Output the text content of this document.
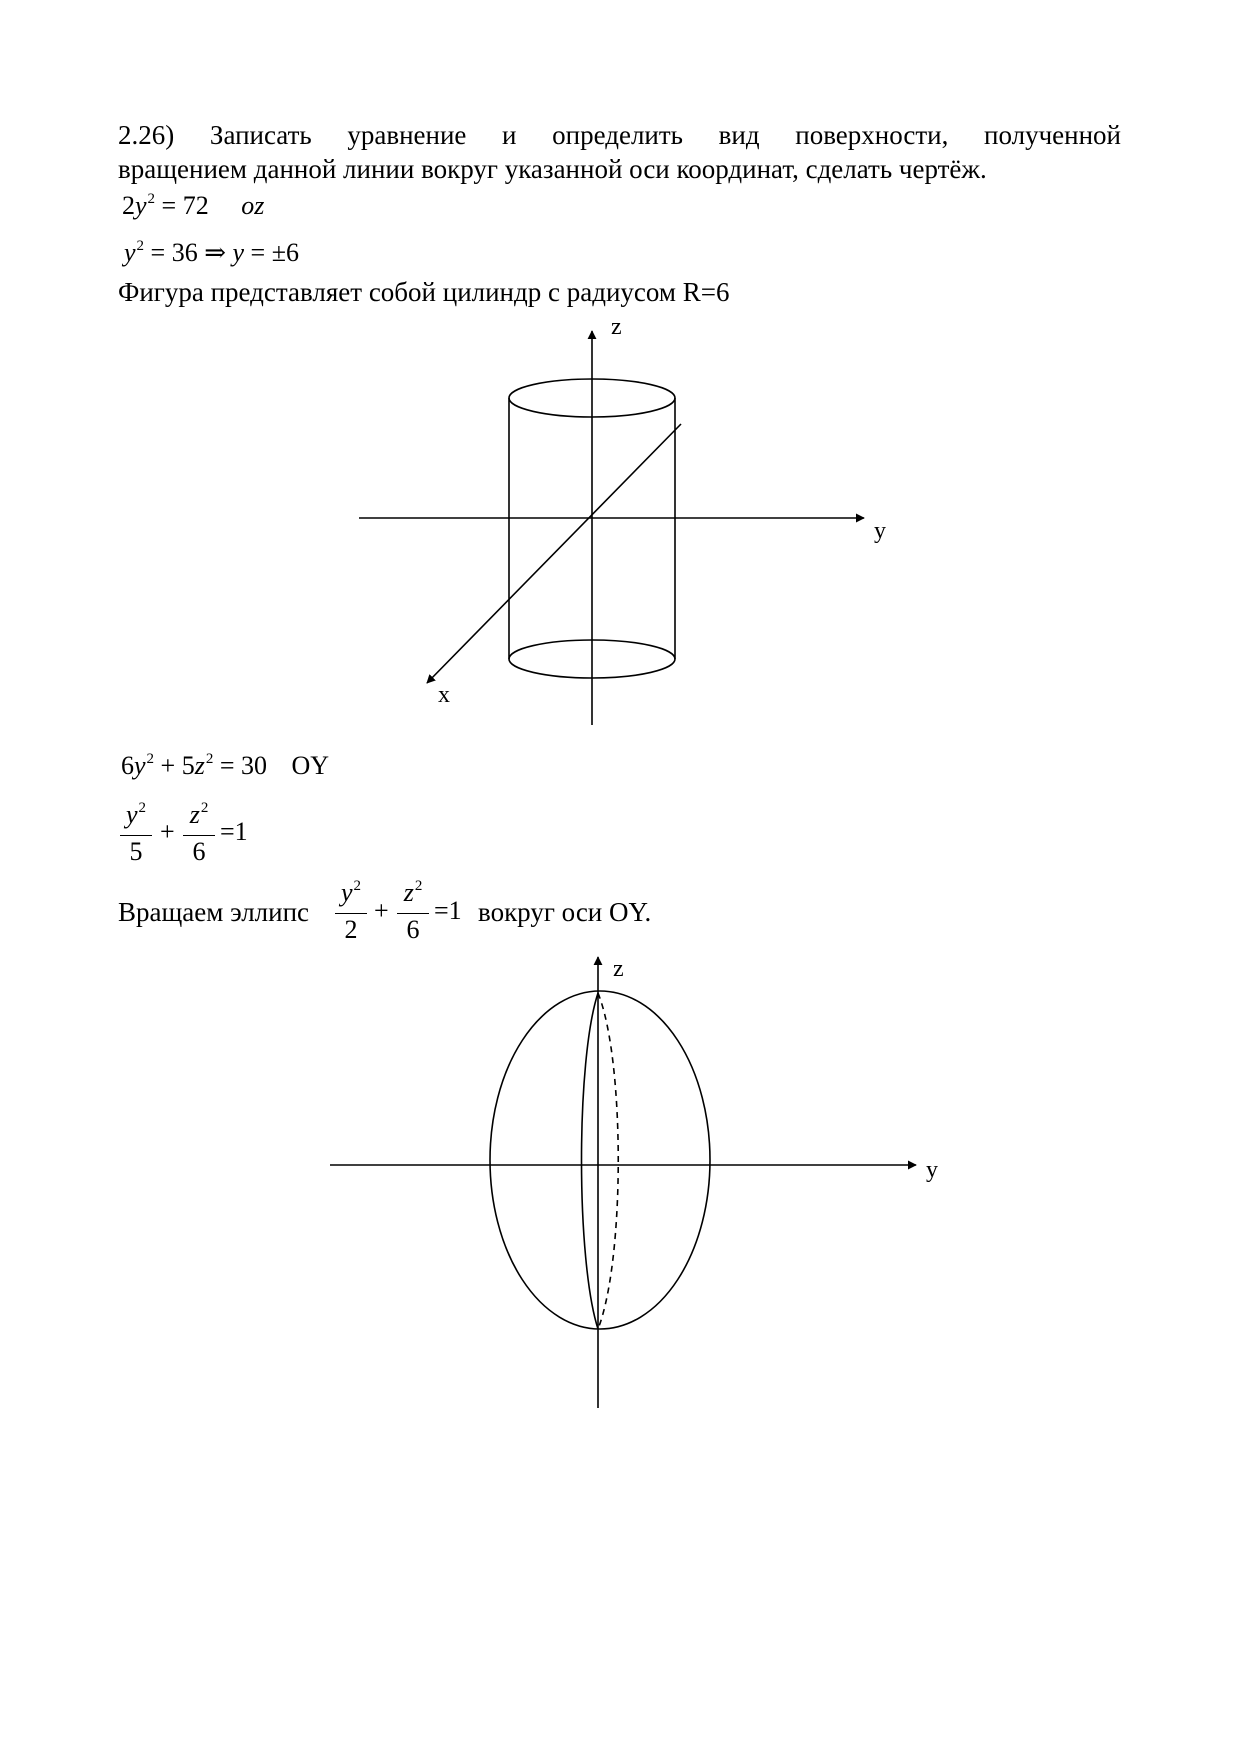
2.26) Записать уравнение и определить вид поверхности, полученной
вращением данной линии вокруг указанной оси координат, сделать чертёж.
$2y^2 = 72$ oz
$y^2 = 36$ ⇒ y = ±6
Фигура представляет собой цилиндр с радиусом R=6
$6y^2 + 5z^2 = 30$ OY
$y^2$
5
+
$z^2$
6
=1
Вращаем эллипс
$y^2$
2
+
$z^2$
6
=1 вокруг оси OY.
z
y
x
z
y
